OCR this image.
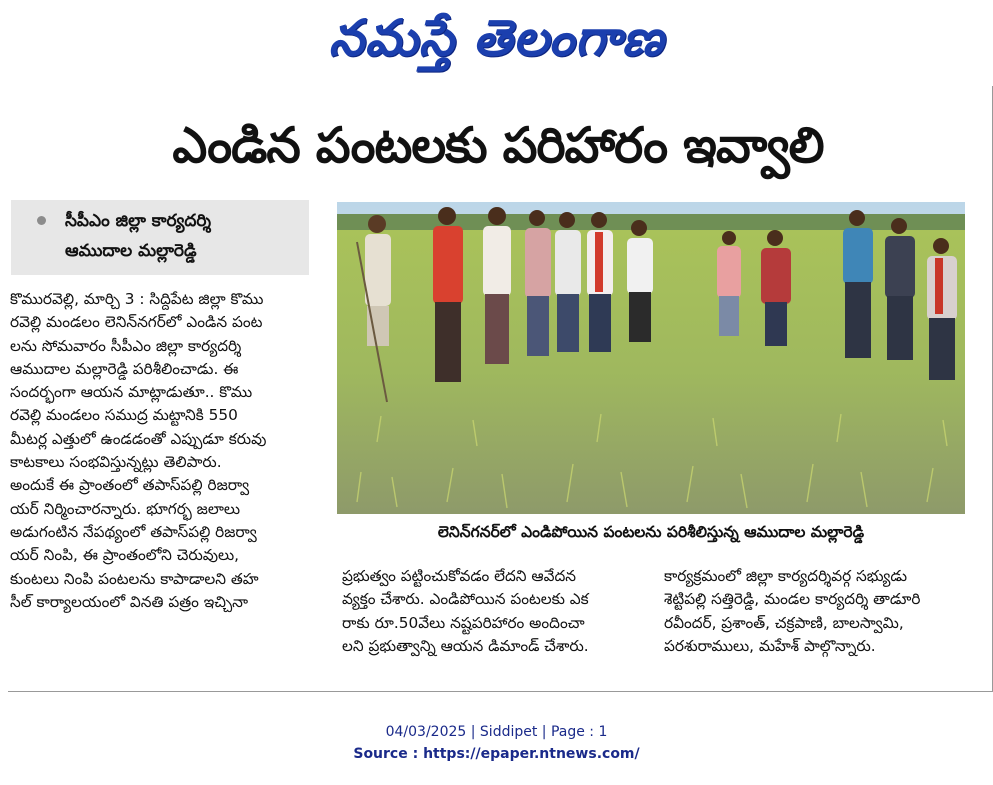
నమస్తే తెలంగాణ
ఎండిన పంటలకు పరిహారం ఇవ్వాలి
సీపీఎం జిల్లా కార్యదర్శి
ఆముదాల మల్లారెడ్డి
కొమురవెల్లి, మార్చి 3 : సిద్దిపేట జిల్లా కొము
రవెల్లి మండలం లెనిన్‌నగర్‌లో ఎండిన పంట
లను సోమవారం సీపీఎం జిల్లా కార్యదర్శి
ఆముదాల మల్లారెడ్డి పరిశీలించాడు. ఈ
సందర్భంగా ఆయన మాట్లాడుతూ.. కొము
రవెల్లి మండలం సముద్ర మట్టానికి 550
మీటర్ల ఎత్తులో ఉండడంతో ఎప్పుడూ కరువు
కాటకాలు సంభవిస్తున్నట్లు తెలిపారు.
అందుకే ఈ ప్రాంతంలో తపాస్‌పల్లి రిజర్వా
యర్ నిర్మించారన్నారు. భూగర్భ జలాలు
అడుగంటిన నేపథ్యంలో తపాస్‌పల్లి రిజర్వా
యర్ నింపి, ఈ ప్రాంతంలోని చెరువులు,
కుంటలు నింపి పంటలను కాపాడాలని తహ
సీల్ కార్యాలయంలో వినతి పత్రం ఇచ్చినా
లెనిన్‌గనర్‌లో ఎండిపోయిన పంటలను పరిశీలిస్తున్న ఆముదాల మల్లారెడ్డి
ప్రభుత్వం పట్టించుకోవడం లేదని ఆవేదన
వ్యక్తం చేశారు. ఎండిపోయిన పంటలకు ఎక
రాకు రూ.50వేలు నష్టపరిహారం అందించా
లని ప్రభుత్వాన్ని ఆయన డిమాండ్ చేశారు.
కార్యక్రమంలో జిల్లా కార్యదర్శివర్గ సభ్యుడు
శెట్టిపల్లి సత్తిరెడ్డి, మండల కార్యదర్శి తాడూరి
రవీందర్, ప్రశాంత్, చక్రపాణి, బాలస్వామి,
పరశురాములు, మహేశ్ పాల్గొన్నారు.
04/03/2025 | Siddipet | Page : 1
Source : https://epaper.ntnews.com/
